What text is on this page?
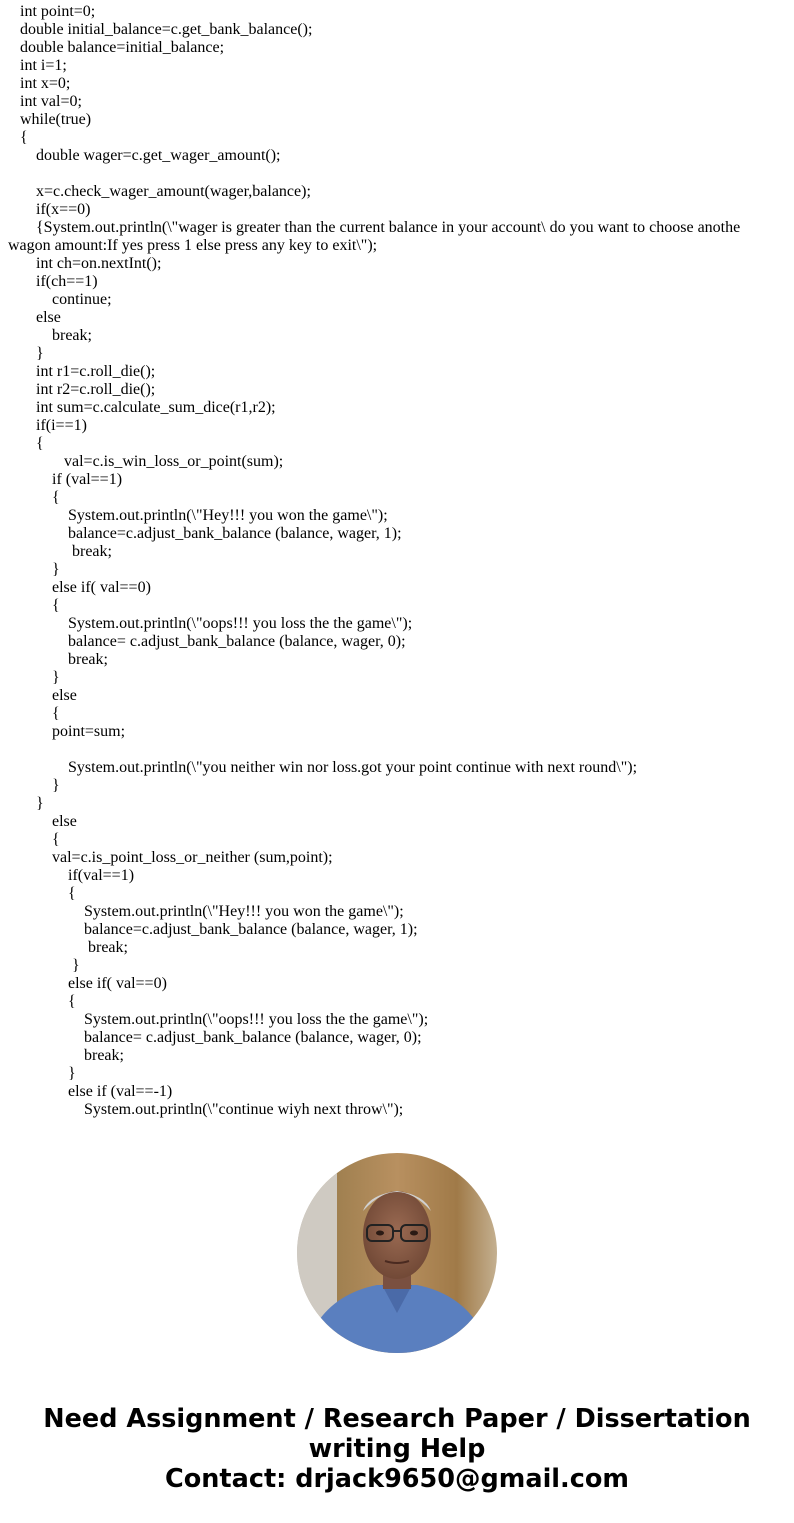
int point=0;
double initial_balance=c.get_bank_balance();
double balance=initial_balance;
int i=1;
int x=0;
int val=0;
while(true)
{
double wager=c.get_wager_amount();
x=c.check_wager_amount(wager,balance);
if(x==0)
{System.out.println(\"wager is greater than the current balance in your account\ do you want to choose anothe
wagon amount:If yes press 1 else press any key to exit\");
int ch=on.nextInt();
if(ch==1)
continue;
else
break;
}
int r1=c.roll_die();
int r2=c.roll_die();
int sum=c.calculate_sum_dice(r1,r2);
if(i==1)
{
val=c.is_win_loss_or_point(sum);
if (val==1)
{
System.out.println(\"Hey!!! you won the game\");
balance=c.adjust_bank_balance (balance, wager, 1);
break;
}
else if( val==0)
{
System.out.println(\"oops!!! you loss the the game\");
balance= c.adjust_bank_balance (balance, wager, 0);
break;
}
else
{
point=sum;
System.out.println(\"you neither win nor loss.got your point continue with next round\");
}
}
else
{
val=c.is_point_loss_or_neither (sum,point);
if(val==1)
{
System.out.println(\"Hey!!! you won the game\");
balance=c.adjust_bank_balance (balance, wager, 1);
break;
}
else if( val==0)
{
System.out.println(\"oops!!! you loss the the game\");
balance= c.adjust_bank_balance (balance, wager, 0);
break;
}
else if (val==-1)
System.out.println(\"continue wiyh next throw\");
Need Assignment / Research Paper / Dissertation
writing Help
Contact: drjack9650@gmail.com
